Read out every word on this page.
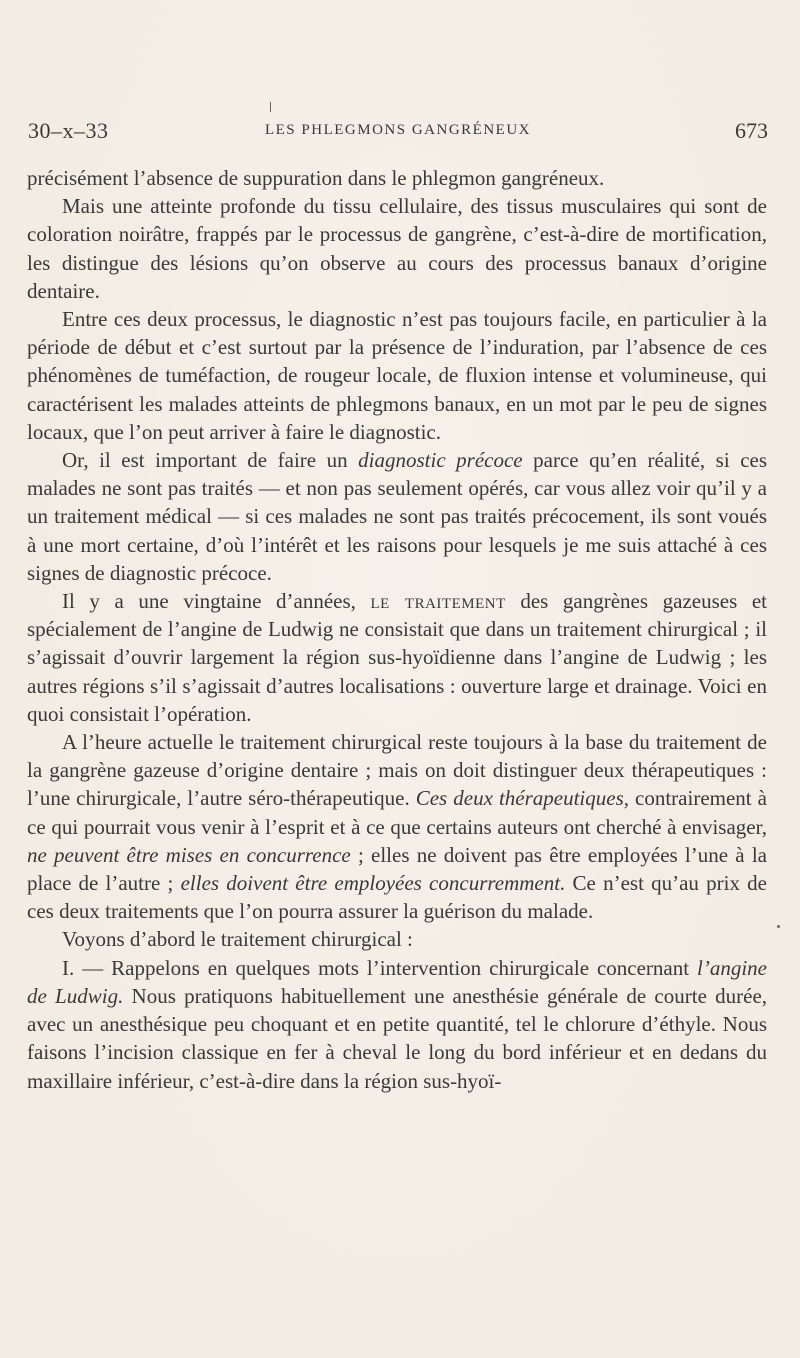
30–x–33	LES PHLEGMONS GANGRÉNEUX	673

précisément l’absence de suppuration dans le phlegmon gangréneux.

Mais une atteinte profonde du tissu cellulaire, des tissus musculaires qui sont de coloration noirâtre, frappés par le processus de gangrène, c’est-à-dire de mortification, les distingue des lésions qu’on observe au cours des processus banaux d’origine dentaire.

Entre ces deux processus, le diagnostic n’est pas toujours facile, en particulier à la période de début et c’est surtout par la présence de l’induration, par l’absence de ces phénomènes de tuméfaction, de rougeur locale, de fluxion intense et volumineuse, qui caractérisent les malades atteints de phlegmons banaux, en un mot par le peu de signes locaux, que l’on peut arriver à faire le diagnostic.

Or, il est important de faire un diagnostic précoce parce qu’en réalité, si ces malades ne sont pas traités — et non pas seulement opérés, car vous allez voir qu’il y a un traitement médical — si ces malades ne sont pas traités précocement, ils sont voués à une mort certaine, d’où l’intérêt et les raisons pour lesquels je me suis attaché à ces signes de diagnostic précoce.

Il y a une vingtaine d’années, le traitement des gangrènes gazeuses et spécialement de l’angine de Ludwig ne consistait que dans un traitement chirurgical ; il s’agissait d’ouvrir largement la région sus-hyoïdienne dans l’angine de Ludwig ; les autres régions s’il s’agissait d’autres localisations : ouverture large et drainage. Voici en quoi consistait l’opération.

A l’heure actuelle le traitement chirurgical reste toujours à la base du traitement de la gangrène gazeuse d’origine dentaire ; mais on doit distinguer deux thérapeutiques : l’une chirurgicale, l’autre séro-thérapeutique. Ces deux thérapeutiques, contrairement à ce qui pourrait vous venir à l’esprit et à ce que certains auteurs ont cherché à envisager, ne peuvent être mises en concurrence ; elles ne doivent pas être employées l’une à la place de l’autre ; elles doivent être employées concurremment. Ce n’est qu’au prix de ces deux traitements que l’on pourra assurer la guérison du malade.

Voyons d’abord le traitement chirurgical :

I. — Rappelons en quelques mots l’intervention chirurgicale concernant l’angine de Ludwig. Nous pratiquons habituellement une anesthésie générale de courte durée, avec un anesthésique peu choquant et en petite quantité, tel le chlorure d’éthyle. Nous faisons l’incision classique en fer à cheval le long du bord inférieur et en dedans du maxillaire inférieur, c’est-à-dire dans la région sus-hyoï-
